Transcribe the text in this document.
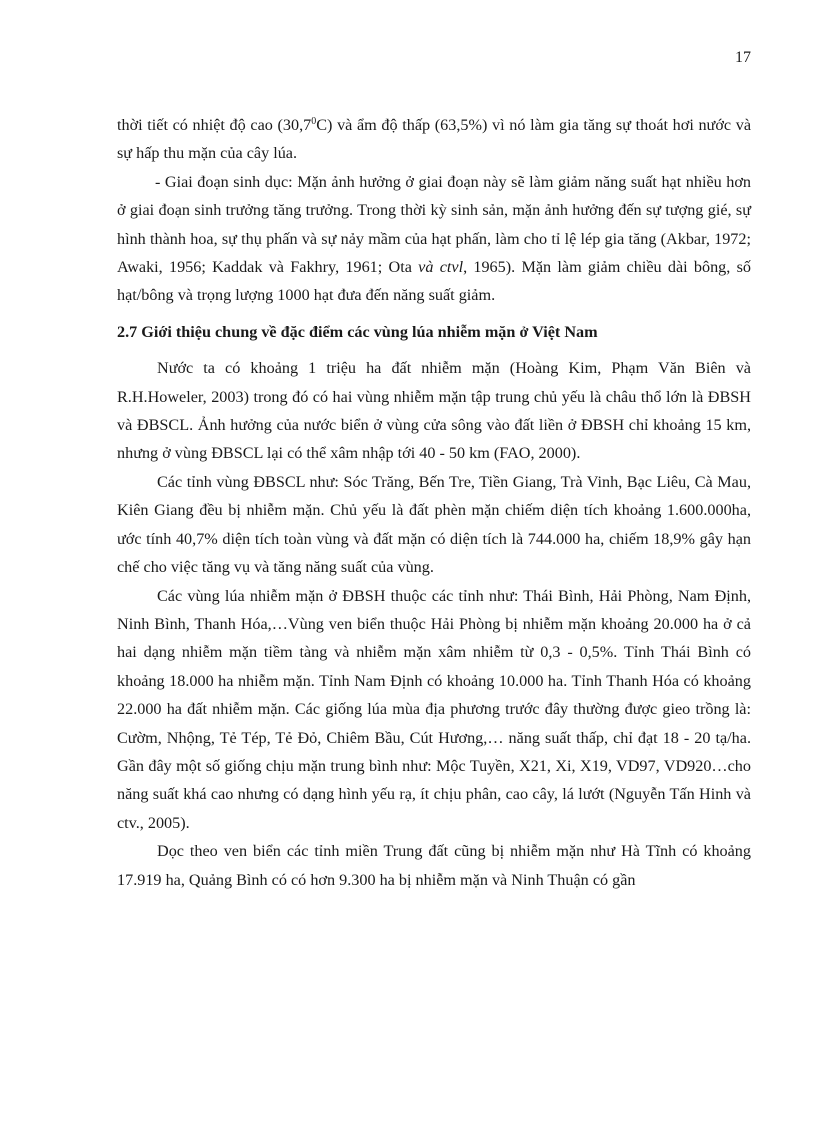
17

thời tiết có nhiệt độ cao (30,7$^0$C) và ẩm độ thấp (63,5%) vì nó làm gia tăng sự thoát hơi nước và sự hấp thu mặn của cây lúa.

- Giai đoạn sinh dục: Mặn ảnh hưởng ở giai đoạn này sẽ làm giảm năng suất hạt nhiều hơn ở giai đoạn sinh trưởng tăng trưởng. Trong thời kỳ sinh sản, mặn ảnh hưởng đến sự tượng gié, sự hình thành hoa, sự thụ phấn và sự nảy mầm của hạt phấn, làm cho tỉ lệ lép gia tăng (Akbar, 1972; Awaki, 1956; Kaddak và Fakhry, 1961; Ota và ctvl, 1965). Mặn làm giảm chiều dài bông, số hạt/bông và trọng lượng 1000 hạt đưa đến năng suất giảm.

2.7 Giới thiệu chung về đặc điểm các vùng lúa nhiễm mặn ở Việt Nam

Nước ta có khoảng 1 triệu ha đất nhiễm mặn (Hoàng Kim, Phạm Văn Biên và R.H.Howeler, 2003) trong đó có hai vùng nhiễm mặn tập trung chủ yếu là châu thổ lớn là ĐBSH và ĐBSCL. Ảnh hưởng của nước biển ở vùng cửa sông vào đất liền ở ĐBSH chỉ khoảng 15 km, nhưng ở vùng ĐBSCL lại có thể xâm nhập tới 40 - 50 km (FAO, 2000).

Các tỉnh vùng ĐBSCL như: Sóc Trăng, Bến Tre, Tiền Giang, Trà Vinh, Bạc Liêu, Cà Mau, Kiên Giang đều bị nhiễm mặn. Chủ yếu là đất phèn mặn chiếm diện tích khoảng 1.600.000ha, ước tính 40,7% diện tích toàn vùng và đất mặn có diện tích là 744.000 ha, chiếm 18,9% gây hạn chế cho việc tăng vụ và tăng năng suất của vùng.

Các vùng lúa nhiễm mặn ở ĐBSH thuộc các tỉnh như: Thái Bình, Hải Phòng, Nam Định, Ninh Bình, Thanh Hóa,…Vùng ven biển thuộc Hải Phòng bị nhiễm mặn khoảng 20.000 ha ở cả hai dạng nhiễm mặn tiềm tàng và nhiễm mặn xâm nhiễm từ 0,3 - 0,5%. Tỉnh Thái Bình có khoảng 18.000 ha nhiễm mặn. Tỉnh Nam Định có khoảng 10.000 ha. Tỉnh Thanh Hóa có khoảng 22.000 ha đất nhiễm mặn. Các giống lúa mùa địa phương trước đây thường được gieo trồng là: Cườm, Nhộng, Tẻ Tép, Tẻ Đỏ, Chiêm Bầu, Cút Hương,… năng suất thấp, chỉ đạt 18 - 20 tạ/ha. Gần đây một số giống chịu mặn trung bình như: Mộc Tuyền, X21, Xi, X19, VD97, VD920…cho năng suất khá cao nhưng có dạng hình yếu rạ, ít chịu phân, cao cây, lá lướt (Nguyễn Tấn Hinh và ctv., 2005).

Dọc theo ven biển các tỉnh miền Trung đất cũng bị nhiễm mặn như Hà Tĩnh có khoảng 17.919 ha, Quảng Bình có có hơn 9.300 ha bị nhiễm mặn và Ninh Thuận có gần
